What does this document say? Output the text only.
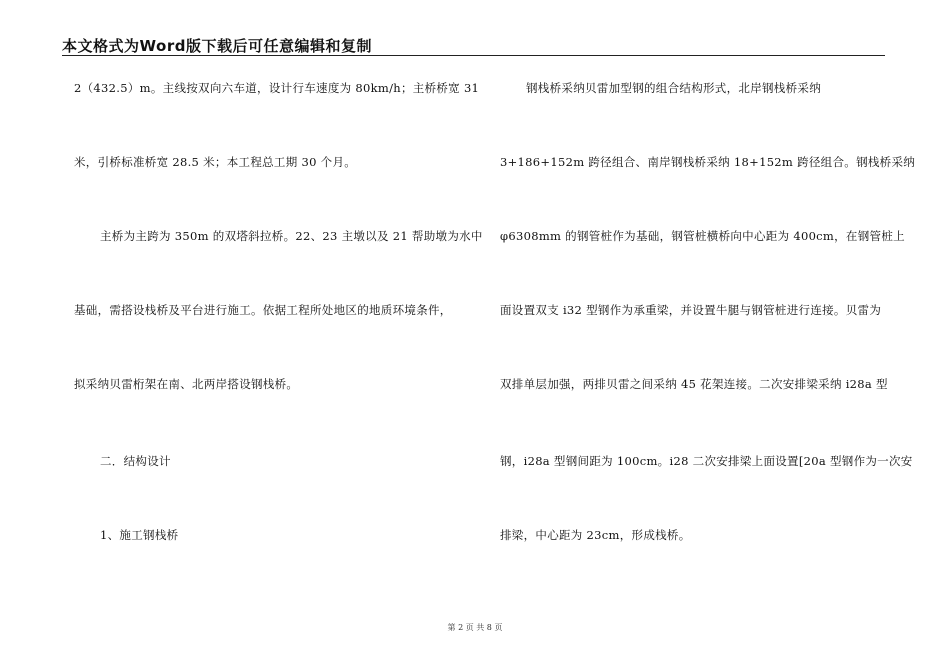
本文格式为Word版下载后可任意编辑和复制
2（432.5）m。主线按双向六车道，设计行车速度为 80km/h；主桥桥宽 31
米，引桥标准桥宽 28.5 米；本工程总工期 30 个月。
主桥为主跨为 350m 的双塔斜拉桥。22、23 主墩以及 21 帮助墩为水中
基础，需搭设栈桥及平台进行施工。依据工程所处地区的地质环境条件，
拟采纳贝雷桁架在南、北两岸搭设钢栈桥。
二．结构设计
1、施工钢栈桥
钢栈桥采纳贝雷加型钢的组合结构形式，北岸钢栈桥采纳
3+186+152m 跨径组合、南岸钢栈桥采纳 18+152m 跨径组合。钢栈桥采纳
φ6308mm 的钢管桩作为基础，钢管桩横桥向中心距为 400cm，在钢管桩上
面设置双支 i32 型钢作为承重梁，并设置牛腿与钢管桩进行连接。贝雷为
双排单层加强，两排贝雷之间采纳 45 花架连接。二次安排梁采纳 i28a 型
钢，i28a 型钢间距为 100cm。i28 二次安排梁上面设置[20a 型钢作为一次安
排梁，中心距为 23cm，形成栈桥。
第 2 页 共 8 页
